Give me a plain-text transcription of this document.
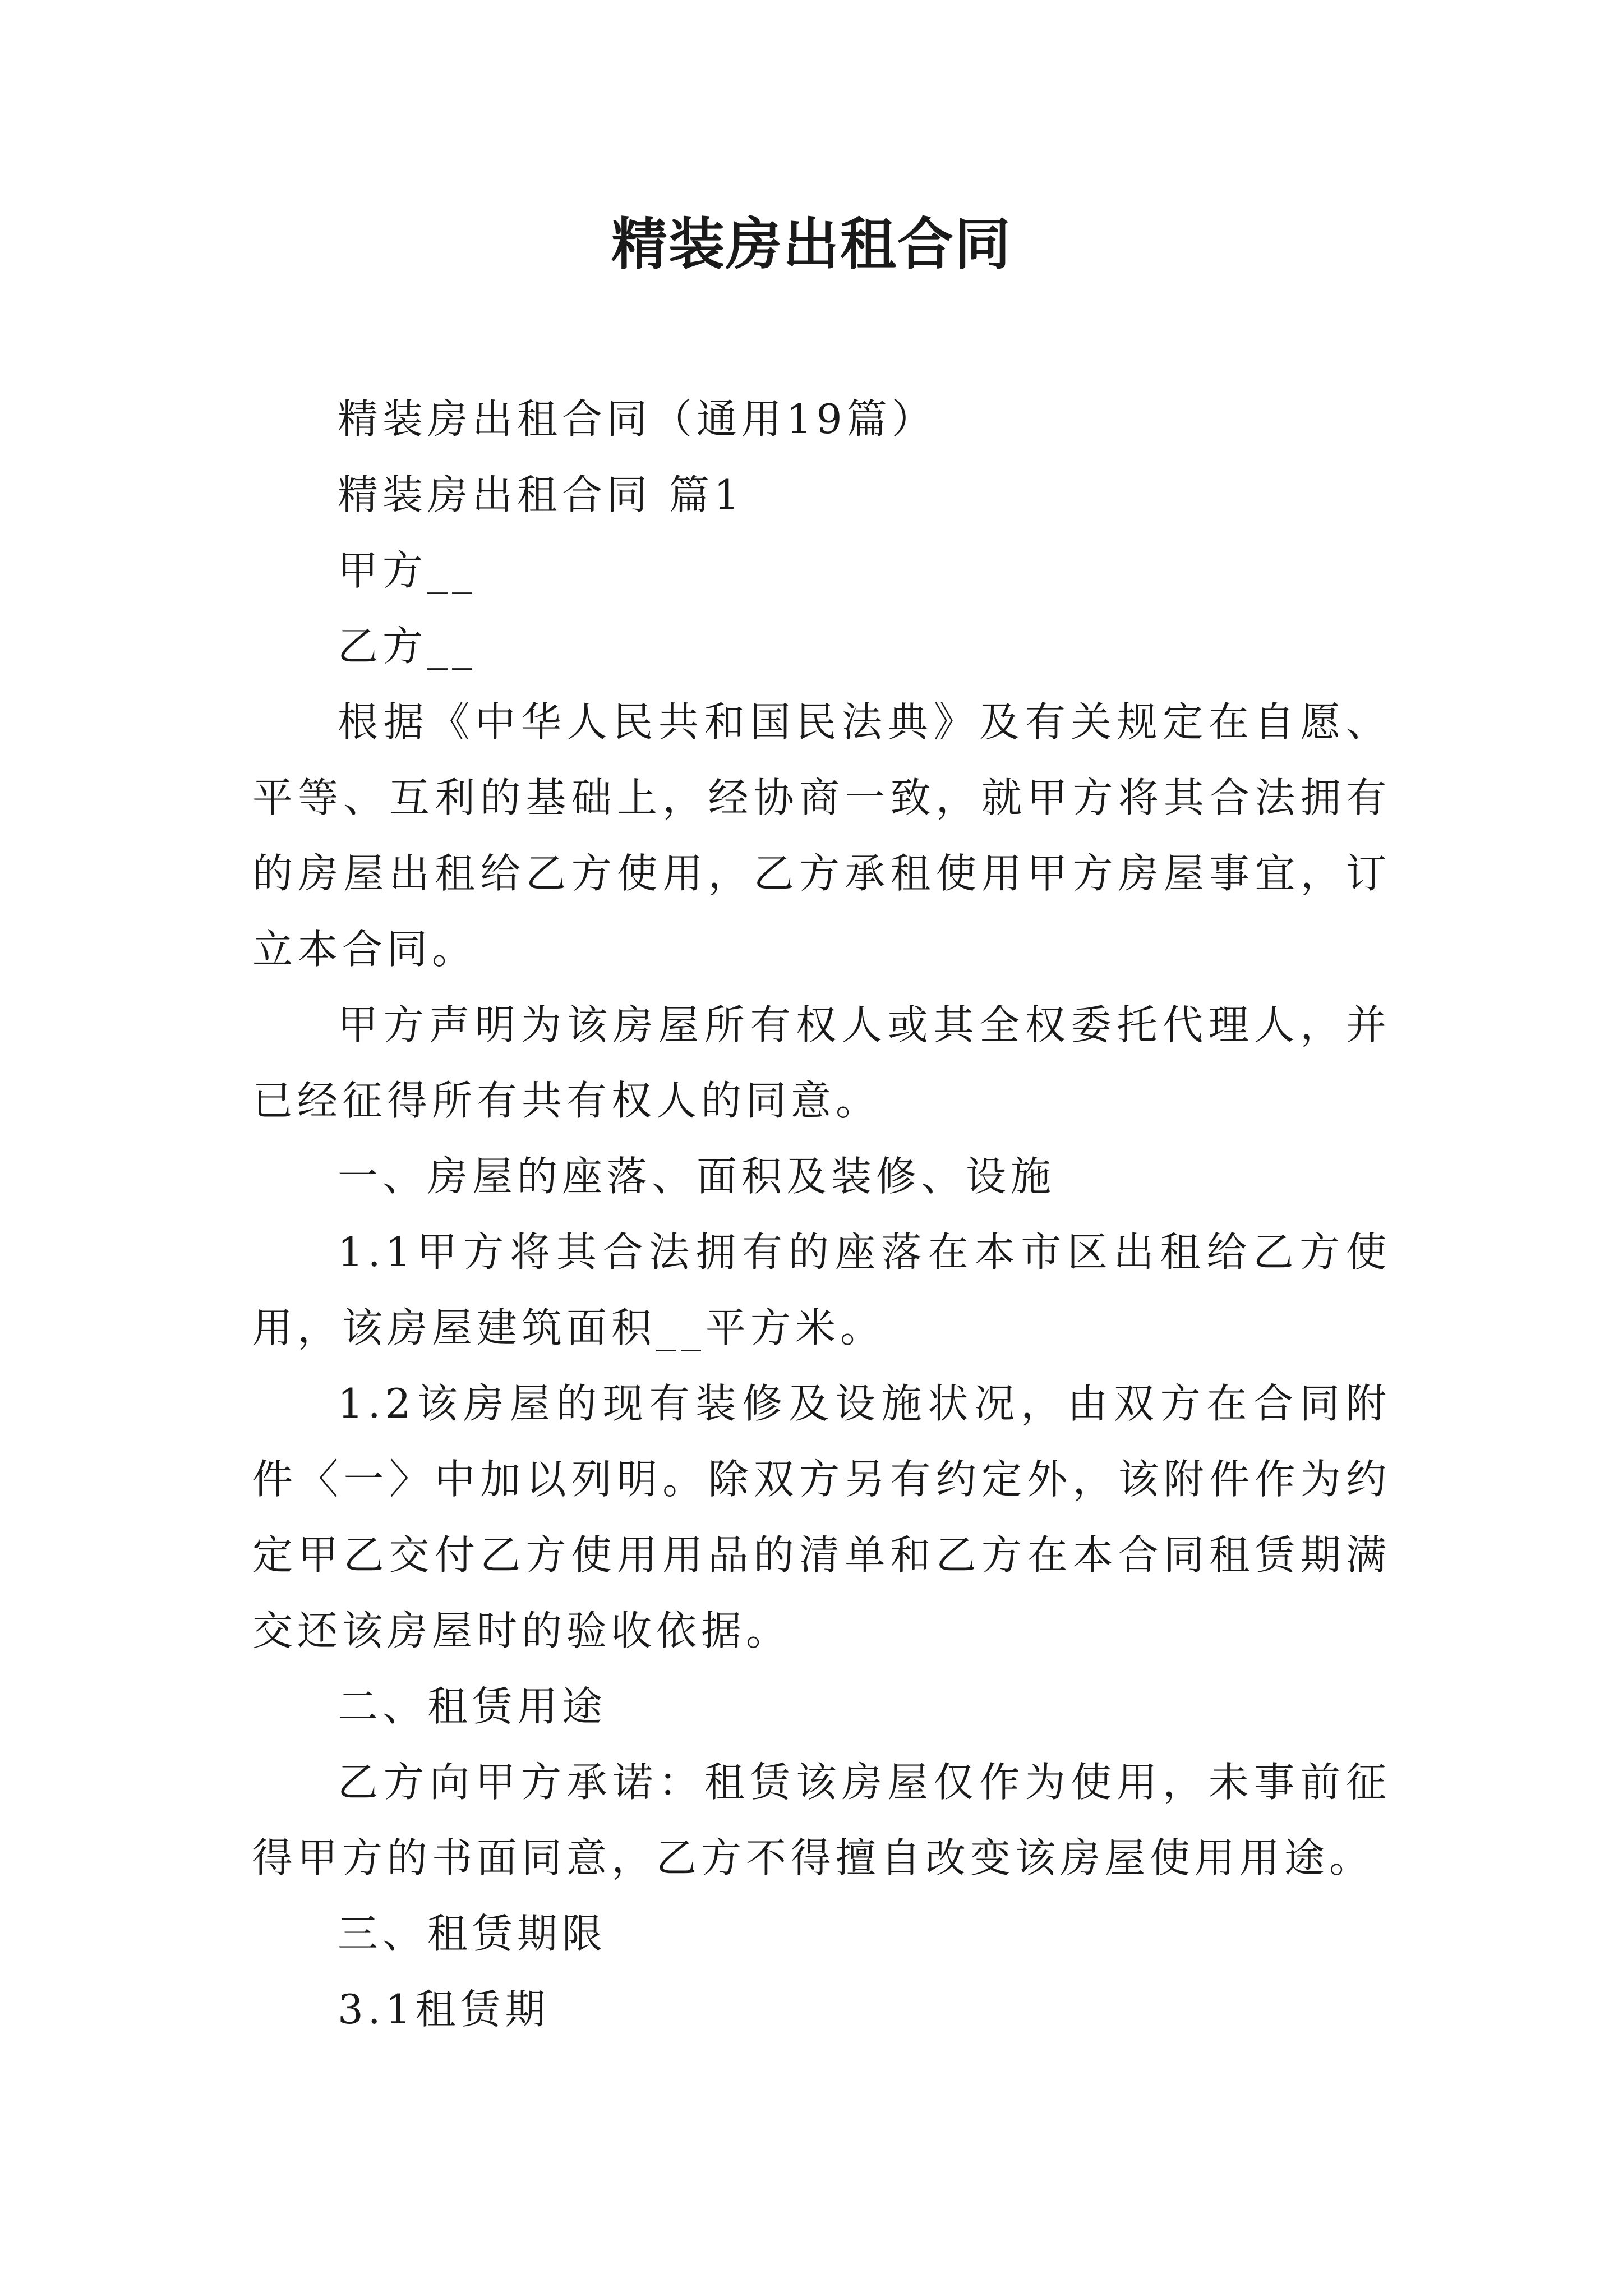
精装房出租合同

精装房出租合同（通用19篇）

精装房出租合同 篇1

甲方__

乙方__

根据《中华人民共和国民法典》及有关规定在自愿、平等、互利的基础上，经协商一致，就甲方将其合法拥有的房屋出租给乙方使用，乙方承租使用甲方房屋事宜，订立本合同。

甲方声明为该房屋所有权人或其全权委托代理人，并已经征得所有共有权人的同意。

一、房屋的座落、面积及装修、设施

1.1甲方将其合法拥有的座落在本市区出租给乙方使用，该房屋建筑面积__平方米。

1.2该房屋的现有装修及设施状况，由双方在合同附件〈一〉中加以列明。除双方另有约定外，该附件作为约定甲乙交付乙方使用用品的清单和乙方在本合同租赁期满交还该房屋时的验收依据。

二、租赁用途

乙方向甲方承诺：租赁该房屋仅作为使用，未事前征得甲方的书面同意，乙方不得擅自改变该房屋使用用途。

三、租赁期限

3.1租赁期
